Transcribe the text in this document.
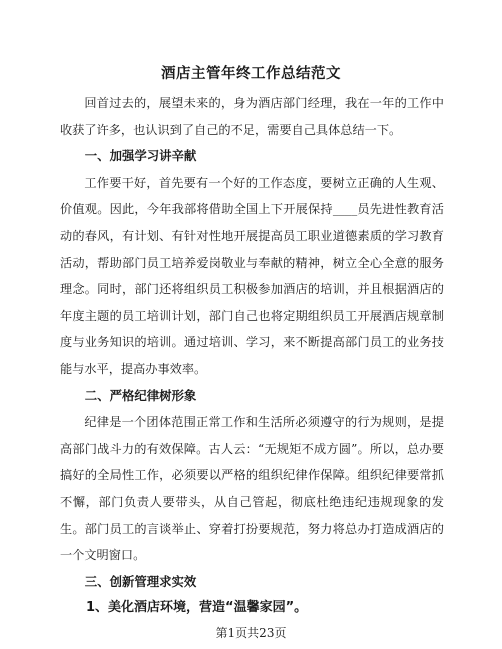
酒店主管年终工作总结范文

回首过去的，展望未来的，身为酒店部门经理，我在一年的工作中收获了许多，也认识到了自己的不足，需要自己具体总结一下。

一、加强学习讲辛献

工作要干好，首先要有一个好的工作态度，要树立正确的人生观、价值观。因此，今年我部将借助全国上下开展保持____员先进性教育活动的春风，有计划、有针对性地开展提高员工职业道德素质的学习教育活动，帮助部门员工培养爱岗敬业与奉献的精神，树立全心全意的服务理念。同时，部门还将组织员工积极参加酒店的培训，并且根据酒店的年度主题的员工培训计划，部门自己也将定期组织员工开展酒店规章制度与业务知识的培训。通过培训、学习，来不断提高部门员工的业务技能与水平，提高办事效率。

二、严格纪律树形象

纪律是一个团体范围正常工作和生活所必须遵守的行为规则，是提高部门战斗力的有效保障。古人云：“无规矩不成方圆”。所以，总办要搞好的全局性工作，必须要以严格的组织纪律作保障。组织纪律要常抓不懈，部门负责人要带头，从自己管起，彻底杜绝违纪违规现象的发生。部门员工的言谈举止、穿着打扮要规范，努力将总办打造成酒店的一个文明窗口。

三、创新管理求实效

1、美化酒店环境，营造“温馨家园”。

第1页共23页
